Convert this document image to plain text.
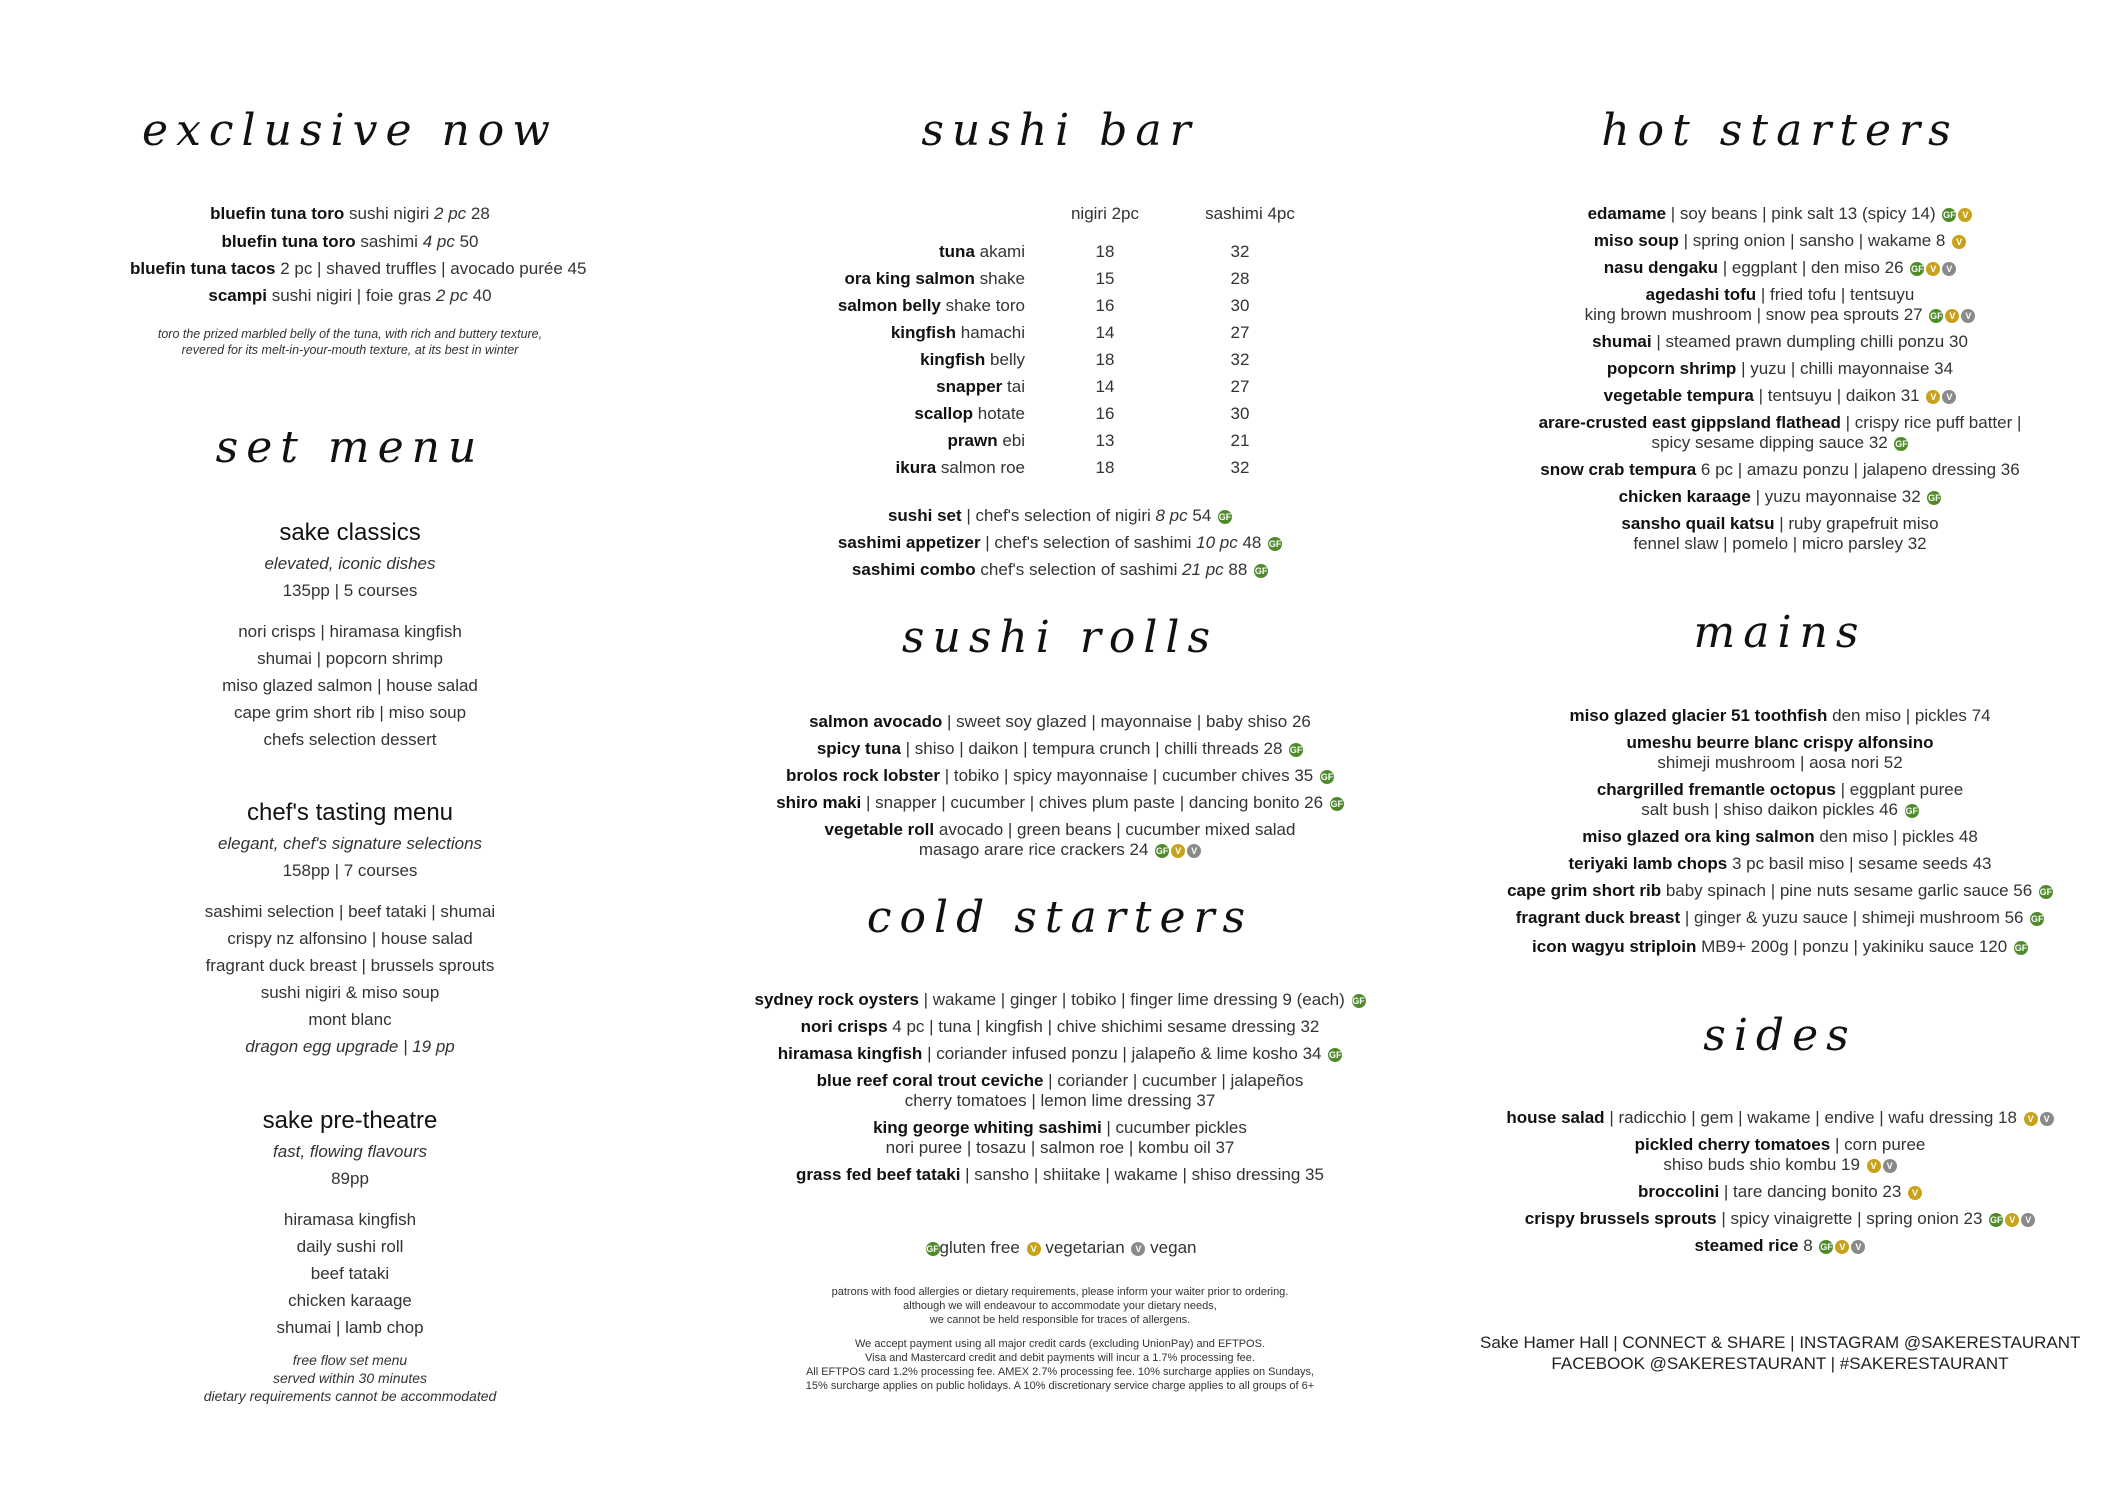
exclusive now
bluefin tuna toro sushi nigiri 2 pc 28
bluefin tuna toro sashimi 4 pc 50
bluefin tuna tacos 2 pc | shaved truffles | avocado purée 45
scampi sushi nigiri | foie gras 2 pc 40
toro the prized marbled belly of the tuna, with rich and buttery texture,
revered for its melt-in-your-mouth texture, at its best in winter
set menu
sake classics
elevated, iconic dishes
135pp | 5 courses
nori crisps | hiramasa kingfish
shumai | popcorn shrimp
miso glazed salmon | house salad
cape grim short rib | miso soup
chefs selection dessert
chef's tasting menu
elegant, chef's signature selections
158pp | 7 courses
sashimi selection | beef tataki | shumai
crispy nz alfonsino | house salad
fragrant duck breast | brussels sprouts
sushi nigiri & miso soup
mont blanc
dragon egg upgrade | 19 pp
sake pre-theatre
fast, flowing flavours
89pp
hiramasa kingfish
daily sushi roll
beef tataki
chicken karaage
shumai | lamb chop
free flow set menu
served within 30 minutes
dietary requirements cannot be accommodated
sushi bar
nigiri 2pc	sashimi 4pc
tuna akami	18	32
ora king salmon shake	15	28
salmon belly shake toro	16	30
kingfish hamachi	14	27
kingfish belly	18	32
snapper tai	14	27
scallop hotate	16	30
prawn ebi	13	21
ikura salmon roe	18	32
sushi set | chef's selection of nigiri 8 pc 54 GF
sashimi appetizer | chef's selection of sashimi 10 pc 48 GF
sashimi combo chef's selection of sashimi 21 pc 88 GF
sushi rolls
salmon avocado | sweet soy glazed | mayonnaise | baby shiso 26
spicy tuna | shiso | daikon | tempura crunch | chilli threads 28 GF
brolos rock lobster | tobiko | spicy mayonnaise | cucumber chives 35 GF
shiro maki | snapper | cucumber | chives plum paste | dancing bonito 26 GF
vegetable roll avocado | green beans | cucumber mixed salad
masago arare rice crackers 24 GF V V
cold starters
sydney rock oysters | wakame | ginger | tobiko | finger lime dressing 9 (each) GF
nori crisps 4 pc | tuna | kingfish | chive shichimi sesame dressing 32
hiramasa kingfish | coriander infused ponzu | jalapeño & lime kosho 34 GF
blue reef coral trout ceviche | coriander | cucumber | jalapeños
cherry tomatoes | lemon lime dressing 37
king george whiting sashimi | cucumber pickles
nori puree | tosazu | salmon roe | kombu oil 37
grass fed beef tataki | sansho | shiitake | wakame | shiso dressing 35
GFgluten free V vegetarian V vegan
patrons with food allergies or dietary requirements, please inform your waiter prior to ordering.
although we will endeavour to accommodate your dietary needs,
we cannot be held responsible for traces of allergens.
We accept payment using all major credit cards (excluding UnionPay) and EFTPOS.
Visa and Mastercard credit and debit payments will incur a 1.7% processing fee.
All EFTPOS card 1.2% processing fee. AMEX 2.7% processing fee. 10% surcharge applies on Sundays,
15% surcharge applies on public holidays. A 10% discretionary service charge applies to all groups of 6+
hot starters
edamame | soy beans | pink salt 13 (spicy 14) GF V
miso soup | spring onion | sansho | wakame 8 V
nasu dengaku | eggplant | den miso 26 GF V V
agedashi tofu | fried tofu | tentsuyu
king brown mushroom | snow pea sprouts 27 GF V V
shumai | steamed prawn dumpling chilli ponzu 30
popcorn shrimp | yuzu | chilli mayonnaise 34
vegetable tempura | tentsuyu | daikon 31 V V
arare-crusted east gippsland flathead | crispy rice puff batter |
spicy sesame dipping sauce 32 GF
snow crab tempura 6 pc | amazu ponzu | jalapeno dressing 36
chicken karaage | yuzu mayonnaise 32 GF
sansho quail katsu | ruby grapefruit miso
fennel slaw | pomelo | micro parsley 32
mains
miso glazed glacier 51 toothfish den miso | pickles 74
umeshu beurre blanc crispy alfonsino
shimeji mushroom | aosa nori 52
chargrilled fremantle octopus | eggplant puree
salt bush | shiso daikon pickles 46 GF
miso glazed ora king salmon den miso | pickles 48
teriyaki lamb chops 3 pc basil miso | sesame seeds 43
cape grim short rib baby spinach | pine nuts sesame garlic sauce 56 GF
fragrant duck breast | ginger & yuzu sauce | shimeji mushroom 56 GF
icon wagyu striploin MB9+ 200g | ponzu | yakiniku sauce 120 GF
sides
house salad | radicchio | gem | wakame | endive | wafu dressing 18 V V
pickled cherry tomatoes | corn puree
shiso buds shio kombu 19 V V
broccolini | tare dancing bonito 23 V
crispy brussels sprouts | spicy vinaigrette | spring onion 23 GF V V
steamed rice 8 GF V V
Sake Hamer Hall | CONNECT & SHARE | INSTAGRAM @SAKERESTAURANT
FACEBOOK @SAKERESTAURANT | #SAKERESTAURANT
